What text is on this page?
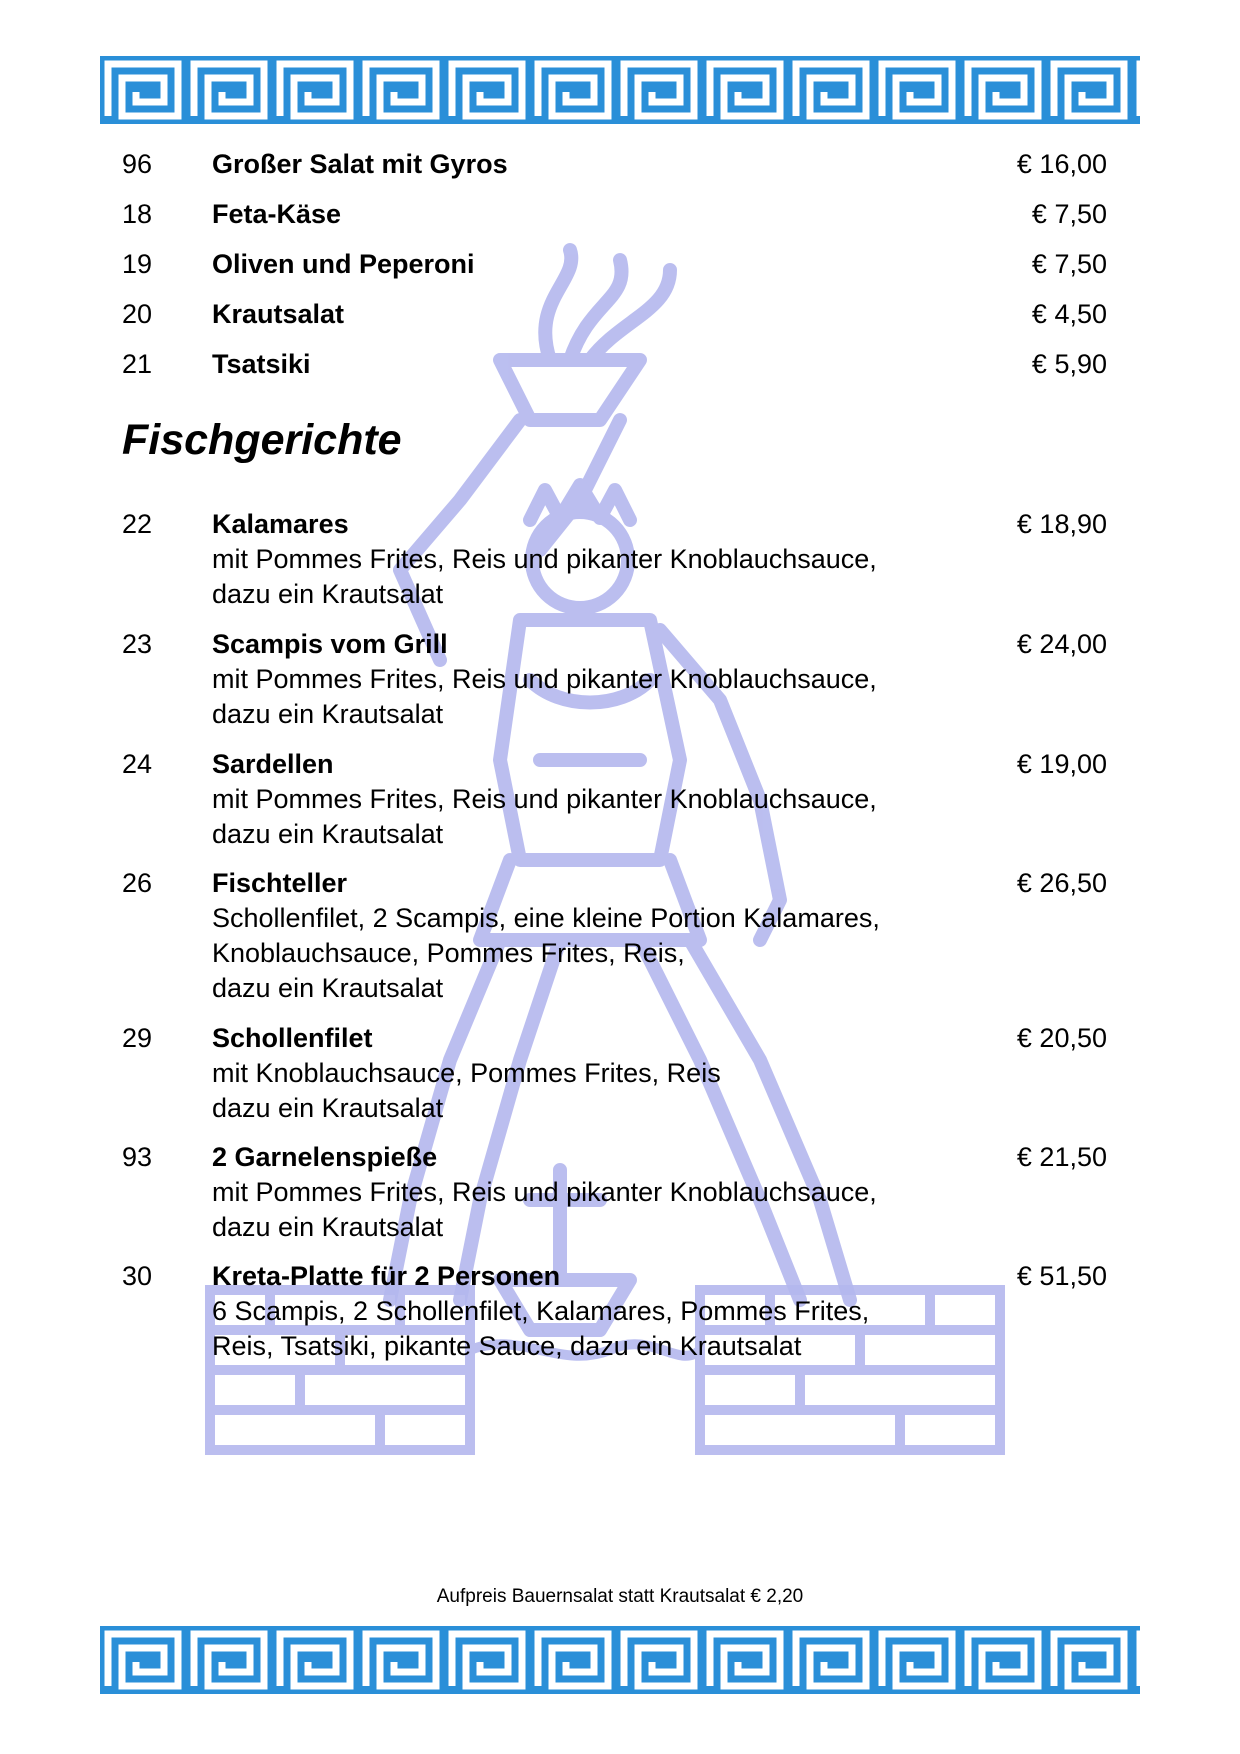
96 Großer Salat mit Gyros	€ 16,00
18 Feta-Käse	€ 7,50
19 Oliven und Peperoni	€ 7,50
20 Krautsalat	€ 4,50
21 Tsatsiki	€ 5,90
Fischgerichte
22 Kalamares	€ 18,90
mit Pommes Frites, Reis und pikanter Knoblauchsauce,
dazu ein Krautsalat
23 Scampis vom Grill	€ 24,00
mit Pommes Frites, Reis und pikanter Knoblauchsauce,
dazu ein Krautsalat
24 Sardellen	€ 19,00
mit Pommes Frites, Reis und pikanter Knoblauchsauce,
dazu ein Krautsalat
26 Fischteller	€ 26,50
Schollenfilet, 2 Scampis, eine kleine Portion Kalamares,
Knoblauchsauce, Pommes Frites, Reis,
dazu ein Krautsalat
29 Schollenfilet	€ 20,50
mit Knoblauchsauce, Pommes Frites, Reis
dazu ein Krautsalat
93 2 Garnelenspieße	€ 21,50
mit Pommes Frites, Reis und pikanter Knoblauchsauce,
dazu ein Krautsalat
30 Kreta-Platte für 2 Personen	€ 51,50
6 Scampis, 2 Schollenfilet, Kalamares, Pommes Frites,
Reis, Tsatsiki, pikante Sauce, dazu ein Krautsalat
Aufpreis Bauernsalat statt Krautsalat € 2,20
